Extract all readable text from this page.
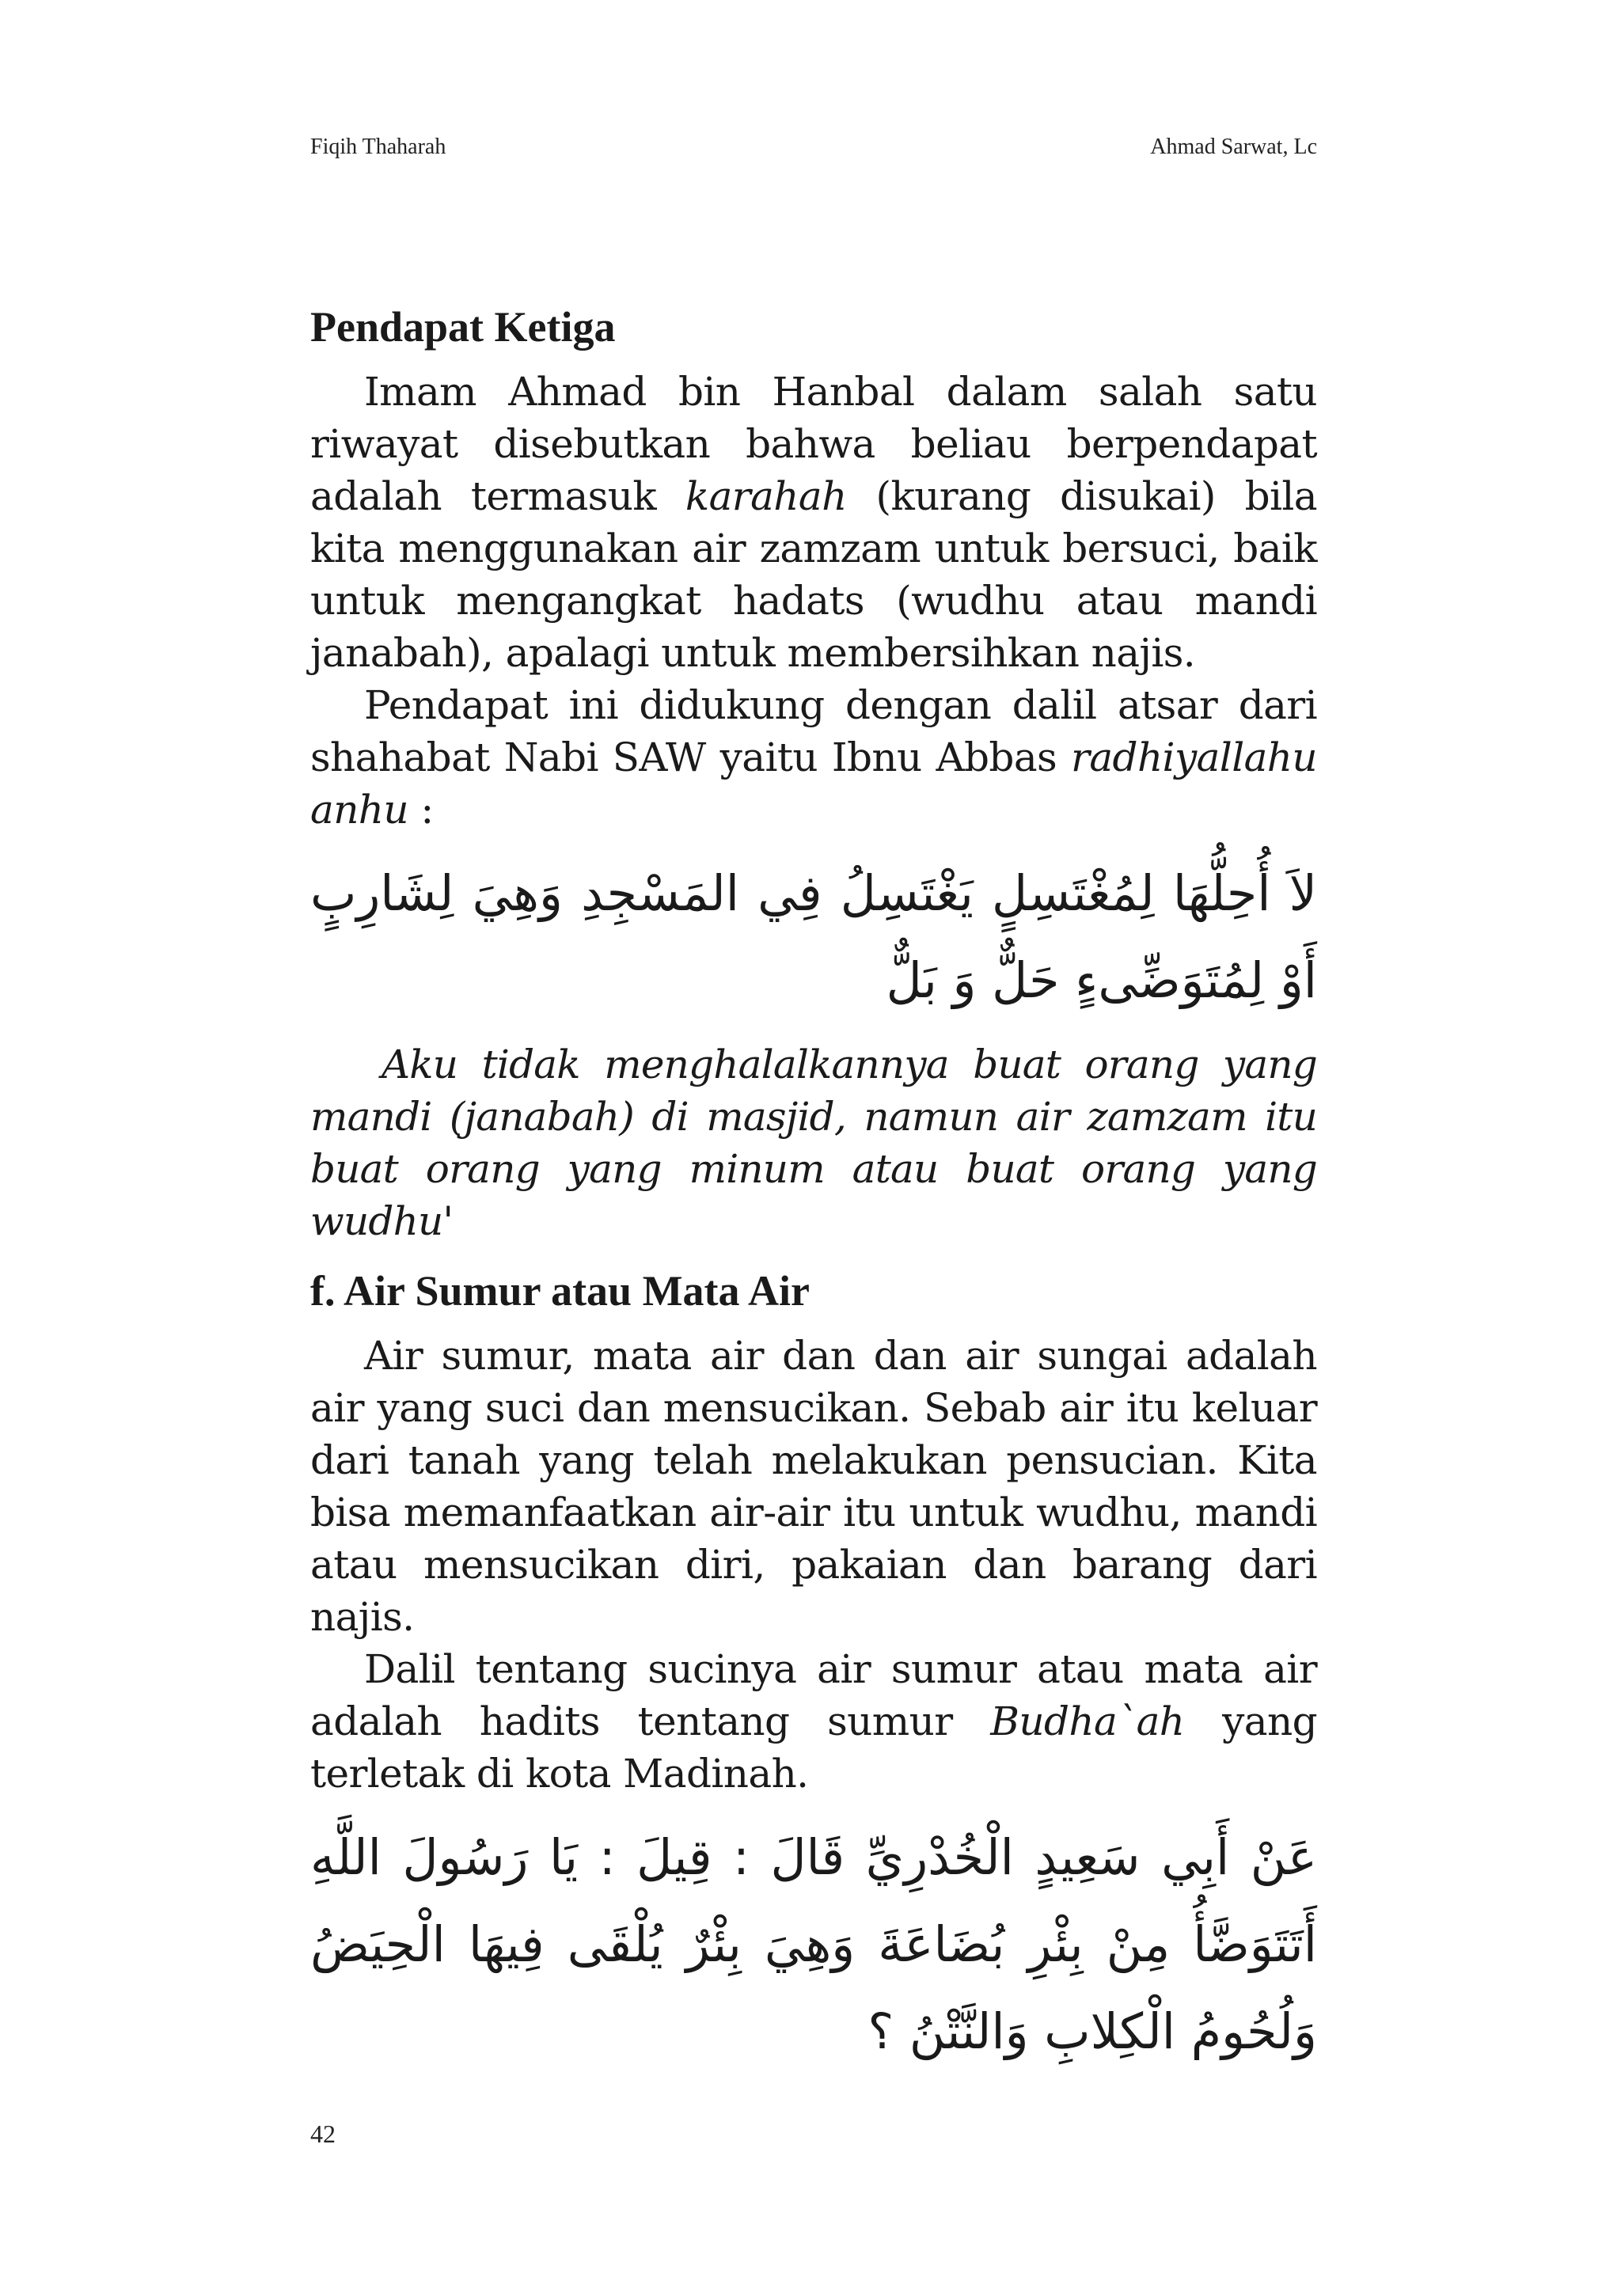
Fiqih Thaharah	Ahmad Sarwat, Lc
Pendapat Ketiga

Imam Ahmad bin Hanbal dalam salah satu riwayat disebutkan bahwa beliau berpendapat adalah termasuk karahah (kurang disukai) bila kita menggunakan air zamzam untuk bersuci, baik untuk mengangkat hadats (wudhu atau mandi janabah), apalagi untuk membersihkan najis.

Pendapat ini didukung dengan dalil atsar dari shahabat Nabi SAW yaitu Ibnu Abbas radhiyallahu anhu :

لاَ أُحِلُّهَا لِمُغْتَسِلٍ يَغْتَسِلُ فِي المَسْجِدِ وَهِيَ لِشَارِبٍ أَوْ لِمُتَوَضِّىءٍ حَلٌّ وَ بَلٌّ

Aku tidak menghalalkannya buat orang yang mandi (janabah) di masjid, namun air zamzam itu buat orang yang minum atau buat orang yang wudhu'

f. Air Sumur atau Mata Air

Air sumur, mata air dan dan air sungai adalah air yang suci dan mensucikan. Sebab air itu keluar dari tanah yang telah melakukan pensucian. Kita bisa memanfaatkan air-air itu untuk wudhu, mandi atau mensucikan diri, pakaian dan barang dari najis.

Dalil tentang sucinya air sumur atau mata air adalah hadits tentang sumur Budha`ah yang terletak di kota Madinah.

عَنْ أَبِي سَعِيدٍ الْخُدْرِيِّ قَالَ : قِيلَ : يَا رَسُولَ اللَّهِ أَتَتَوَضَّأُ مِنْ بِئْرِ بُضَاعَةَ وَهِيَ بِئْرٌ يُلْقَى فِيهَا الْحِيَضُ وَلُحُومُ الْكِلابِ وَالنَّتْنُ ؟

42
